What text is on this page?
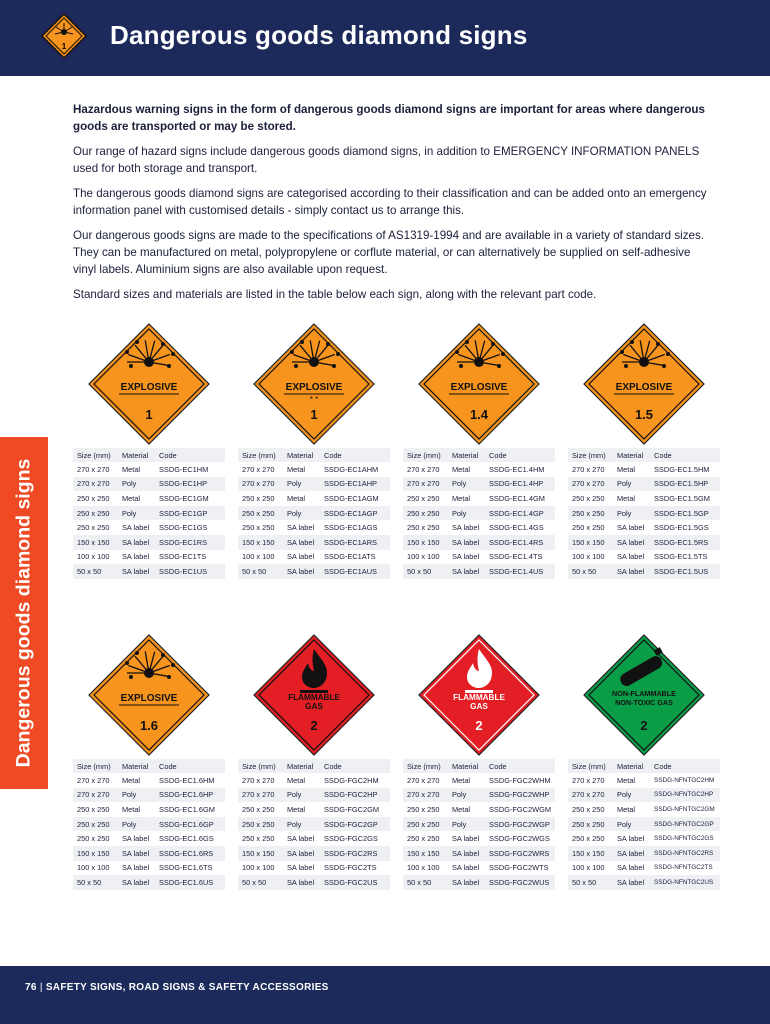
1 Dangerous goods diamond signs

Hazardous warning signs in the form of dangerous goods diamond signs are important for areas where dangerous goods are transported or may be stored.

Our range of hazard signs include dangerous goods diamond signs, in addition to EMERGENCY INFORMATION PANELS used for both storage and transport.

The dangerous goods diamond signs are categorised according to their classification and can be added onto an emergency information panel with customised details - simply contact us to arrange this.

Our dangerous goods signs are made to the specifications of AS1319-1994 and are available in a variety of standard sizes. They can be manufactured on metal, polypropylene or corflute material, or can alternatively be supplied on self-adhesive vinyl labels. Aluminium signs are also available upon request.

Standard sizes and materials are listed in the table below each sign, along with the relevant part code.

Dangerous goods diamond signs
EXPLOSIVE
1
Size (mm)	Material	Code
270 x 270	Metal	SSDG-EC1HM
270 x 270	Poly	SSDG-EC1HP
250 x 250	Metal	SSDG-EC1GM
250 x 250	Poly	SSDG-EC1GP
250 x 250	SA label	SSDG-EC1GS
150 x 150	SA label	SSDG-EC1RS
100 x 100	SA label	SSDG-EC1TS
50 x 50	SA label	SSDG-EC1US
EXPLOSIVE
* *
1
Size (mm)	Material	Code
270 x 270	Metal	SSDG-EC1AHM
270 x 270	Poly	SSDG-EC1AHP
250 x 250	Metal	SSDG-EC1AGM
250 x 250	Poly	SSDG-EC1AGP
250 x 250	SA label	SSDG-EC1AGS
150 x 150	SA label	SSDG-EC1ARS
100 x 100	SA label	SSDG-EC1ATS
50 x 50	SA label	SSDG-EC1AUS
EXPLOSIVE
1.4
Size (mm)	Material	Code
270 x 270	Metal	SSDG-EC1.4HM
270 x 270	Poly	SSDG-EC1.4HP
250 x 250	Metal	SSDG-EC1.4GM
250 x 250	Poly	SSDG-EC1.4GP
250 x 250	SA label	SSDG-EC1.4GS
150 x 150	SA label	SSDG-EC1.4RS
100 x 100	SA label	SSDG-EC1.4TS
50 x 50	SA label	SSDG-EC1.4US
EXPLOSIVE
1.5
Size (mm)	Material	Code
270 x 270	Metal	SSDG-EC1.5HM
270 x 270	Poly	SSDG-EC1.5HP
250 x 250	Metal	SSDG-EC1.5GM
250 x 250	Poly	SSDG-EC1.5GP
250 x 250	SA label	SSDG-EC1.5GS
150 x 150	SA label	SSDG-EC1.5RS
100 x 100	SA label	SSDG-EC1.5TS
50 x 50	SA label	SSDG-EC1.5US
EXPLOSIVE
1.6
Size (mm)	Material	Code
270 x 270	Metal	SSDG-EC1.6HM
270 x 270	Poly	SSDG-EC1.6HP
250 x 250	Metal	SSDG-EC1.6GM
250 x 250	Poly	SSDG-EC1.6GP
250 x 250	SA label	SSDG-EC1.6GS
150 x 150	SA label	SSDG-EC1.6RS
100 x 100	SA label	SSDG-EC1.6TS
50 x 50	SA label	SSDG-EC1.6US
FLAMMABLE
GAS
2
Size (mm)	Material	Code
270 x 270	Metal	SSDG-FGC2HM
270 x 270	Poly	SSDG-FGC2HP
250 x 250	Metal	SSDG-FGC2GM
250 x 250	Poly	SSDG-FGC2GP
250 x 250	SA label	SSDG-FGC2GS
150 x 150	SA label	SSDG-FGC2RS
100 x 100	SA label	SSDG-FGC2TS
50 x 50	SA label	SSDG-FGC2US
FLAMMABLE
GAS
2
Size (mm)	Material	Code
270 x 270	Metal	SSDG-FGC2WHM
270 x 270	Poly	SSDG-FGC2WHP
250 x 250	Metal	SSDG-FGC2WGM
250 x 250	Poly	SSDG-FGC2WGP
250 x 250	SA label	SSDG-FGC2WGS
150 x 150	SA label	SSDG-FGC2WRS
100 x 100	SA label	SSDG-FGC2WTS
50 x 50	SA label	SSDG-FGC2WUS
NON-FLAMMABLE
NON-TOXIC GAS
2
Size (mm)	Material	Code
270 x 270	Metal	SSDG-NFNTGC2HM
270 x 270	Poly	SSDG-NFNTGC2HP
250 x 250	Metal	SSDG-NFNTGC2GM
250 x 250	Poly	SSDG-NFNTGC2GP
250 x 250	SA label	SSDG-NFNTGC2GS
150 x 150	SA label	SSDG-NFNTGC2RS
100 x 100	SA label	SSDG-NFNTGC2TS
50 x 50	SA label	SSDG-NFNTGC2US
76 | SAFETY SIGNS, ROAD SIGNS & SAFETY ACCESSORIES
